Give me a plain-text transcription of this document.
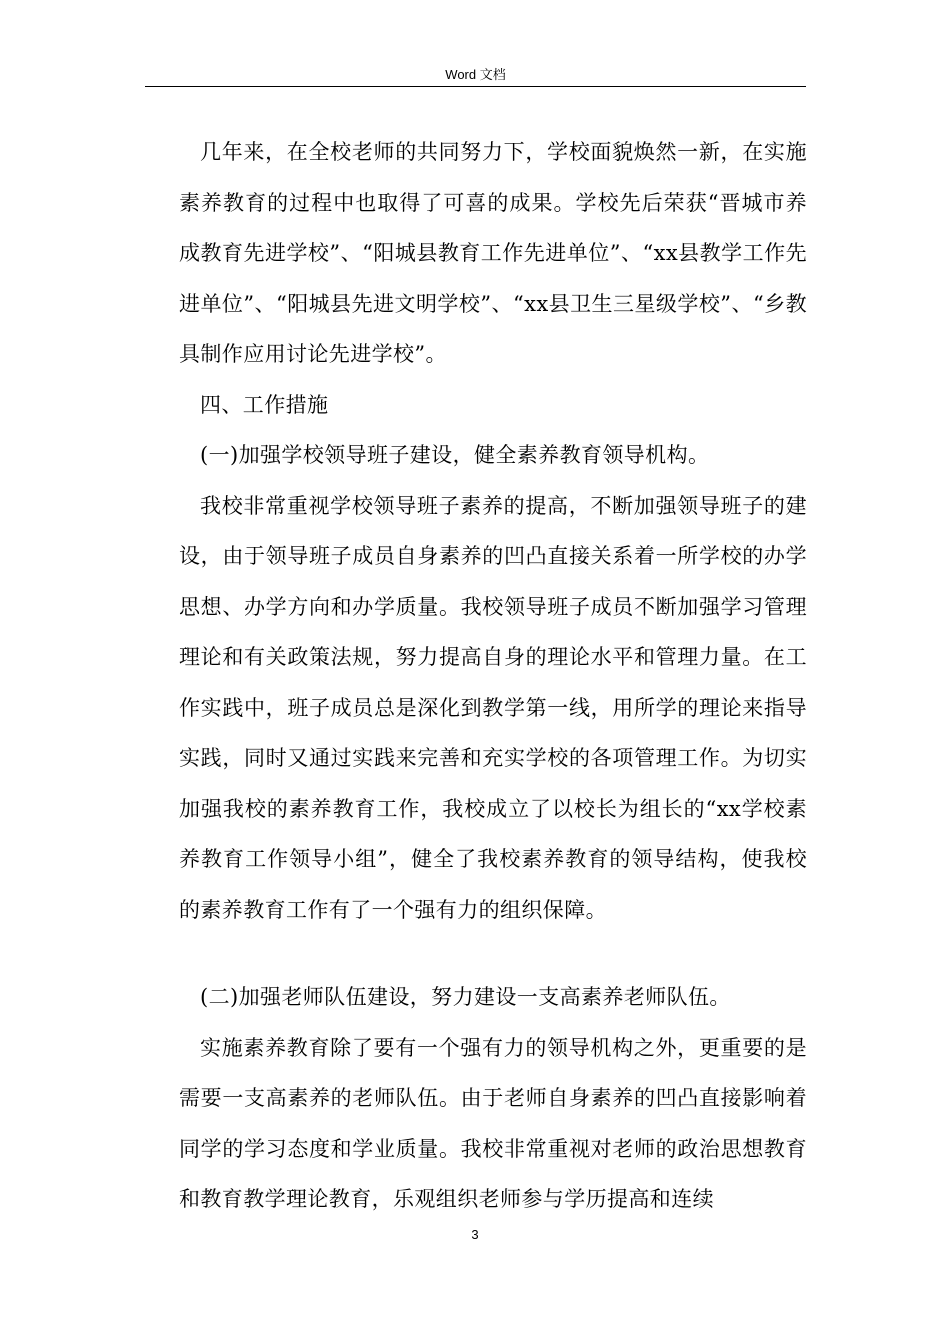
Word 文档

几年来，在全校老师的共同努力下，学校面貌焕然一新，在实施素养教育的过程中也取得了可喜的成果。学校先后荣获“晋城市养成教育先进学校”、“阳城县教育工作先进单位”、“xx县教学工作先进单位”、“阳城县先进文明学校”、“xx县卫生三星级学校”、“乡教具制作应用讨论先进学校”。

四、工作措施

(一)加强学校领导班子建设，健全素养教育领导机构。

我校非常重视学校领导班子素养的提高，不断加强领导班子的建设，由于领导班子成员自身素养的凹凸直接关系着一所学校的办学思想、办学方向和办学质量。我校领导班子成员不断加强学习管理理论和有关政策法规，努力提高自身的理论水平和管理力量。在工作实践中，班子成员总是深化到教学第一线，用所学的理论来指导实践，同时又通过实践来完善和充实学校的各项管理工作。为切实加强我校的素养教育工作，我校成立了以校长为组长的“xx学校素养教育工作领导小组”，健全了我校素养教育的领导结构，使我校的素养教育工作有了一个强有力的组织保障。

(二)加强老师队伍建设，努力建设一支高素养老师队伍。

实施素养教育除了要有一个强有力的领导机构之外，更重要的是需要一支高素养的老师队伍。由于老师自身素养的凹凸直接影响着同学的学习态度和学业质量。我校非常重视对老师的政治思想教育和教育教学理论教育，乐观组织老师参与学历提高和连续

3
